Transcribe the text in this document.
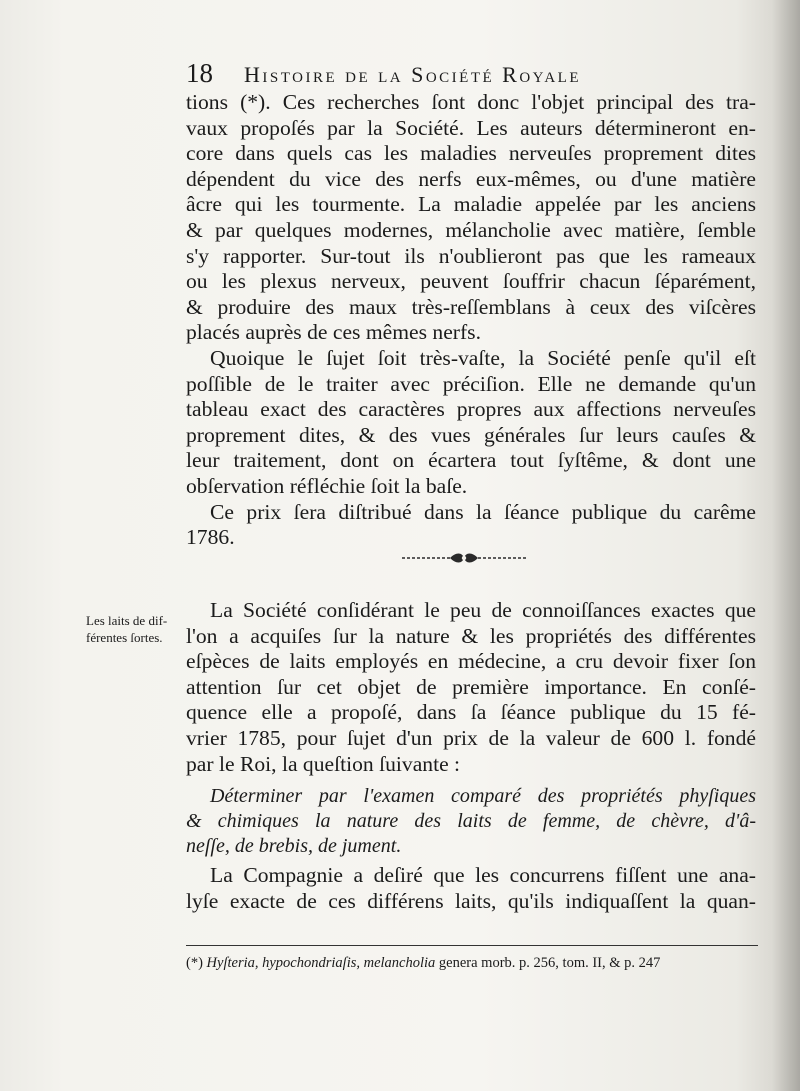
18	Histoire de la Société Royale

tions (*). Ces recherches ſont donc l'objet principal des tra-
vaux propoſés par la Société. Les auteurs détermineront en-
core dans quels cas les maladies nerveuſes proprement dites
dépendent du vice des nerfs eux-mêmes, ou d'une matière
âcre qui les tourmente. La maladie appelée par les anciens
& par quelques modernes, mélancholie avec matière, ſemble
s'y rapporter. Sur-tout ils n'oublieront pas que les rameaux
ou les plexus nerveux, peuvent ſouffrir chacun ſéparément,
& produire des maux très-reſſemblans à ceux des viſcères
placés auprès de ces mêmes nerfs.

Quoique le ſujet ſoit très-vaſte, la Société penſe qu'il eſt
poſſible de le traiter avec préciſion. Elle ne demande qu'un
tableau exact des caractères propres aux affections nerveuſes
proprement dites, & des vues générales ſur leurs cauſes &
leur traitement, dont on écartera tout ſyſtême, & dont une
obſervation réfléchie ſoit la baſe.

Ce prix ſera diſtribué dans la ſéance publique du carême
1786.

Les laits de dif-férentes ſortes.
La Société conſidérant le peu de connoiſſances exactes que
l'on a acquiſes ſur la nature & les propriétés des différentes
eſpèces de laits employés en médecine, a cru devoir fixer ſon
attention ſur cet objet de première importance. En conſé-
quence elle a propoſé, dans ſa ſéance publique du 15 fé-
vrier 1785, pour ſujet d'un prix de la valeur de 600 l. fondé
par le Roi, la queſtion ſuivante :
Déterminer par l'examen comparé des propriétés phyſiques
& chimiques la nature des laits de femme, de chèvre, d'â-
neſſe, de brebis, de jument.
La Compagnie a deſiré que les concurrens fiſſent une ana-
lyſe exacte de ces différens laits, qu'ils indiquaſſent la quan-
(*) Hyſteria, hypochondriaſis, melancholia genera morb. p. 256, tom. II, & p. 247
